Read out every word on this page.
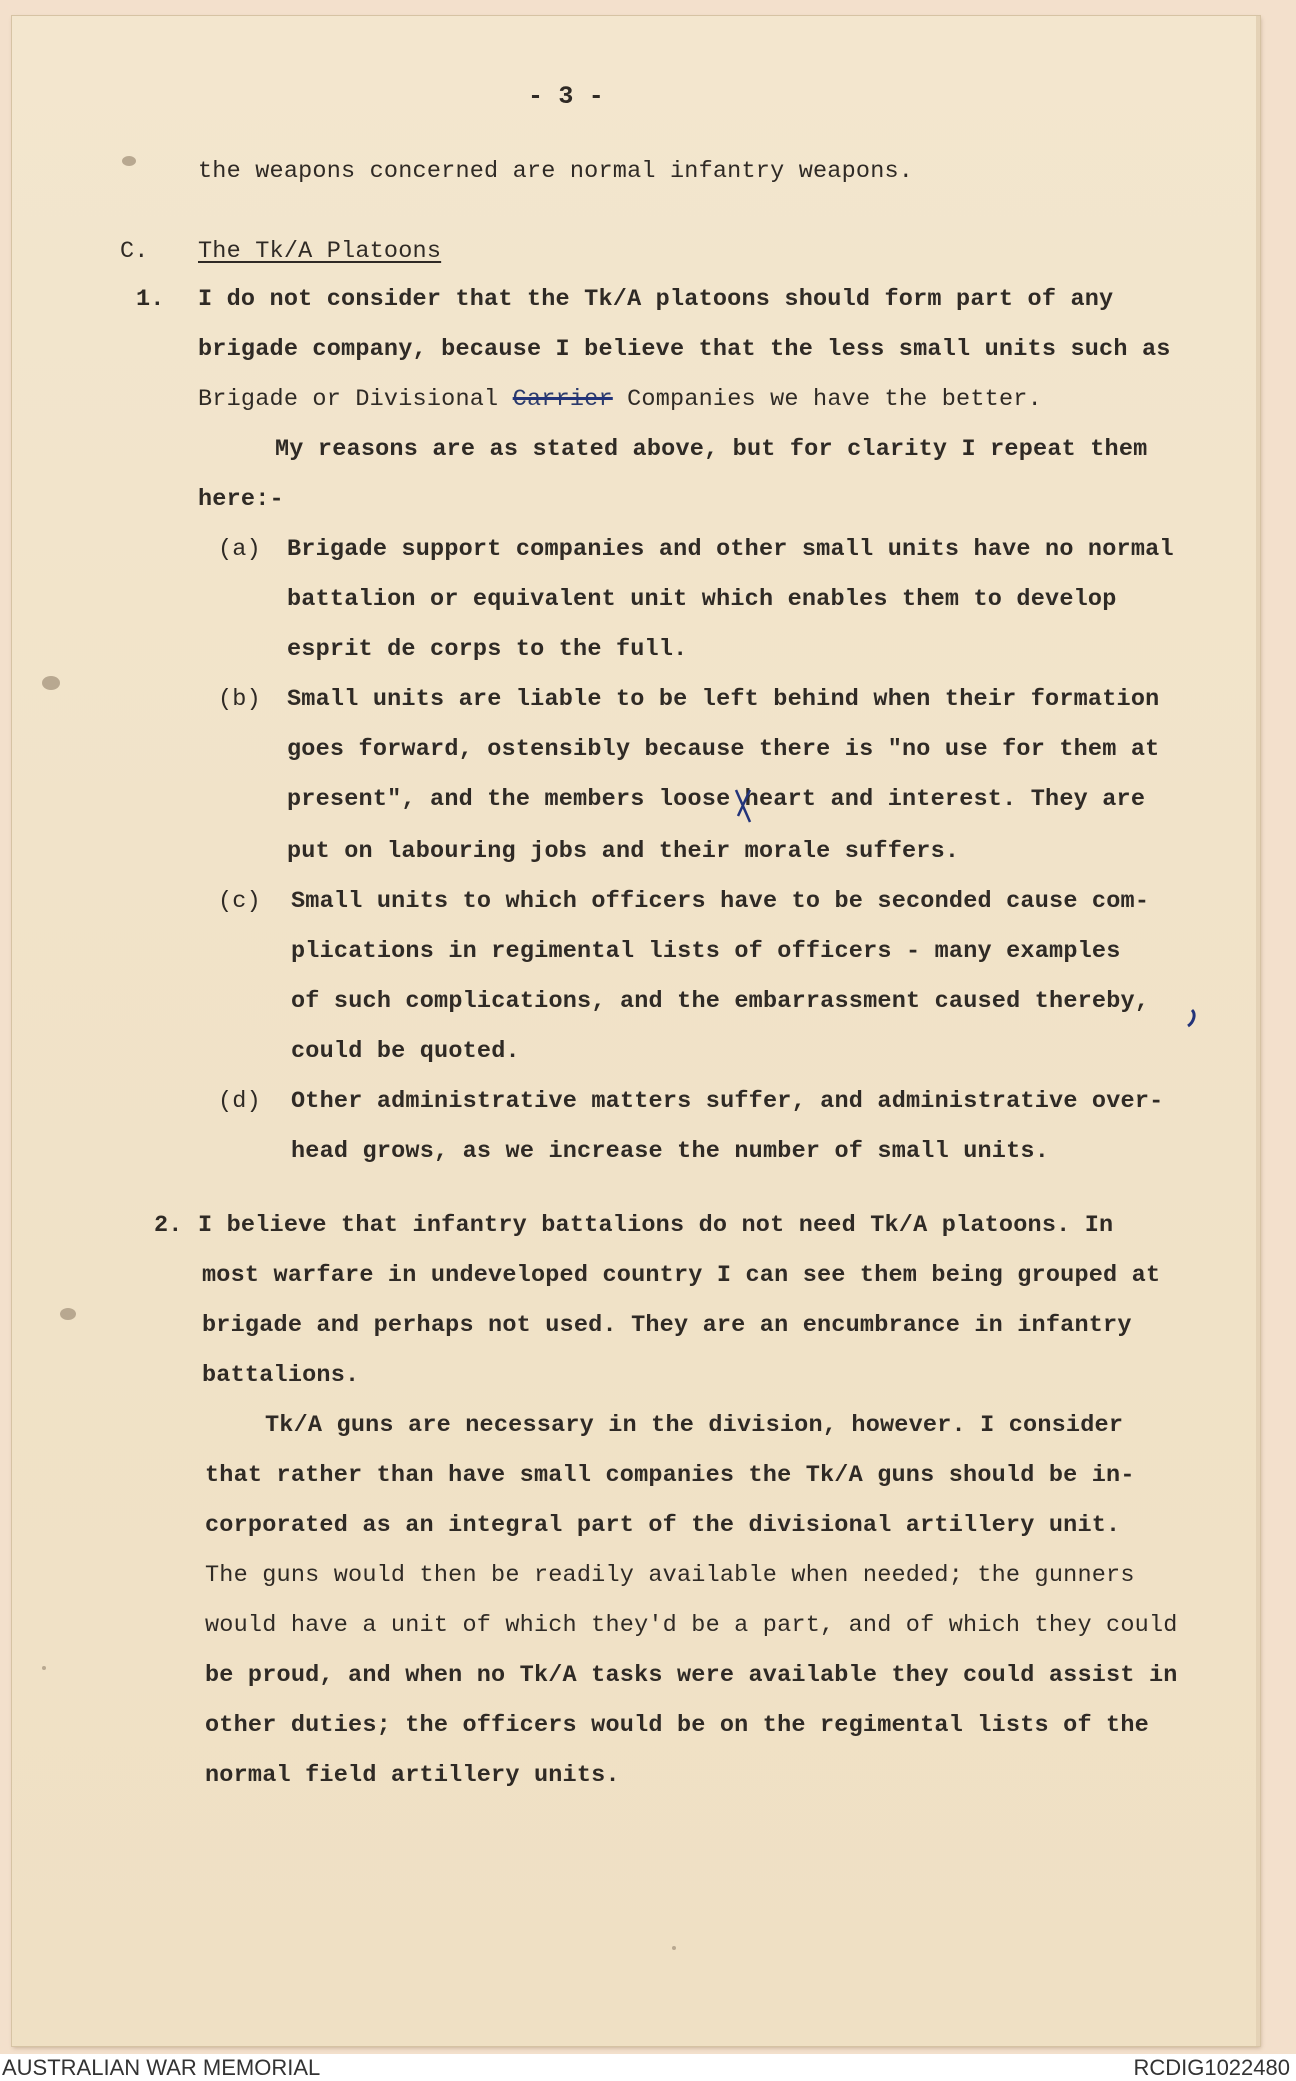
- 3 -
the weapons concerned are normal infantry weapons.
C. The Tk/A Platoons
1. I do not consider that the Tk/A platoons should form part of any
brigade company, because I believe that the less small units such as
Brigade or Divisional Carrier Companies we have the better.
My reasons are as stated above, but for clarity I repeat them
here:-
(a) Brigade support companies and other small units have no normal
battalion or equivalent unit which enables them to develop
esprit de corps to the full.
(b) Small units are liable to be left behind when their formation
goes forward, ostensibly because there is "no use for them at
present", and the members loose heart and interest. They are
put on labouring jobs and their morale suffers.
(c) Small units to which officers have to be seconded cause com-
plications in regimental lists of officers - many examples
of such complications, and the embarrassment caused thereby,
could be quoted.
(d) Other administrative matters suffer, and administrative over-
head grows, as we increase the number of small units.
2. I believe that infantry battalions do not need Tk/A platoons. In
most warfare in undeveloped country I can see them being grouped at
brigade and perhaps not used. They are an encumbrance in infantry
battalions.
Tk/A guns are necessary in the division, however. I consider
that rather than have small companies the Tk/A guns should be in-
corporated as an integral part of the divisional artillery unit.
The guns would then be readily available when needed; the gunners
would have a unit of which they'd be a part, and of which they could
be proud, and when no Tk/A tasks were available they could assist in
other duties; the officers would be on the regimental lists of the
normal field artillery units.
AUSTRALIAN WAR MEMORIAL	RCDIG1022480
